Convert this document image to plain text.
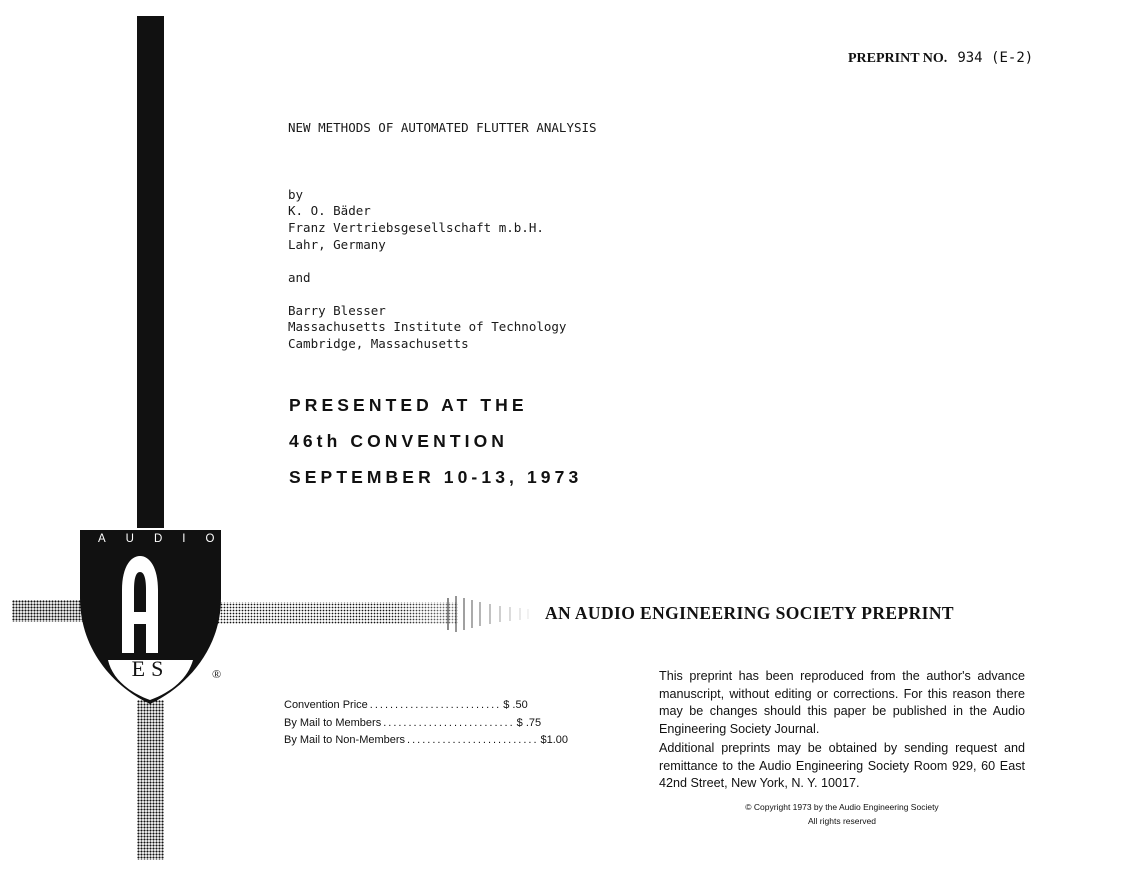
AUDIO
ES	®
PREPRINT NO. 934 (E-2)
NEW METHODS OF AUTOMATED FLUTTER ANALYSIS
by
K. O. Bäder
Franz Vertriebsgesellschaft m.b.H.
Lahr, Germany
and
Barry Blesser
Massachusetts Institute of Technology
Cambridge, Massachusetts
PRESENTED AT THE
46th CONVENTION
SEPTEMBER 10-13, 1973
AN AUDIO ENGINEERING SOCIETY PREPRINT
Convention Price .......................... $ .50
By Mail to Members .......................... $ .75
By Mail to Non-Members .......................... $1.00

This preprint has been reproduced from the author's advance manuscript, without editing or corrections. For this reason there may be changes should this paper be published in the Audio Engineering Society Journal.

Additional preprints may be obtained by sending request and remittance to the Audio Engineering Society Room 929, 60 East 42nd Street, New York, N. Y. 10017.

© Copyright 1973 by the Audio Engineering Society
All rights reserved
